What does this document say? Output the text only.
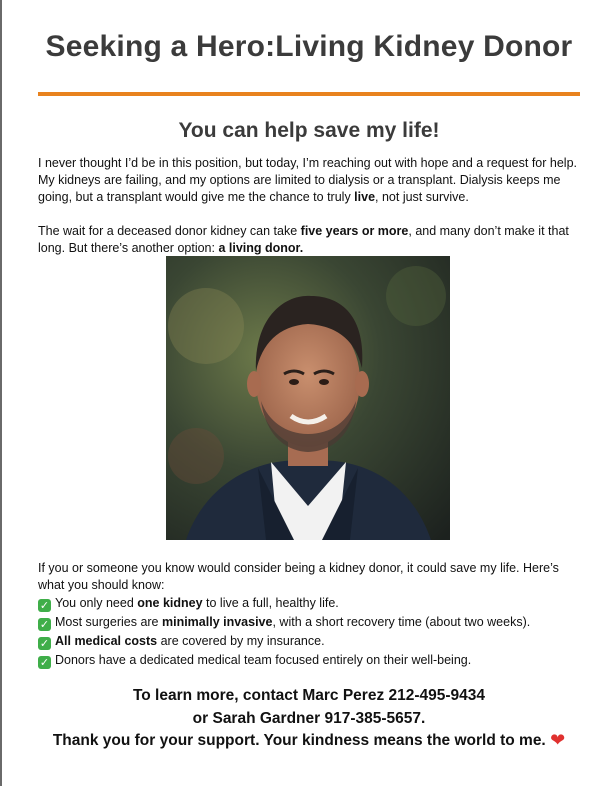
Seeking a Hero:Living Kidney Donor
You can help save my life!
I never thought I’d be in this position, but today, I’m reaching out with hope and a request for help. My kidneys are failing, and my options are limited to dialysis or a transplant. Dialysis keeps me going, but a transplant would give me the chance to truly live, not just survive.
The wait for a deceased donor kidney can take five years or more, and many don’t make it that long. But there’s another option: a living donor.
If you or someone you know would consider being a kidney donor, it could save my life. Here’s what you should know:
✓ You only need one kidney to live a full, healthy life.
✓ Most surgeries are minimally invasive, with a short recovery time (about two weeks).
✓ All medical costs are covered by my insurance.
✓ Donors have a dedicated medical team focused entirely on their well-being.
To learn more, contact Marc Perez 212-495-9434
or Sarah Gardner 917-385-5657.
Thank you for your support. Your kindness means the world to me. ❤
